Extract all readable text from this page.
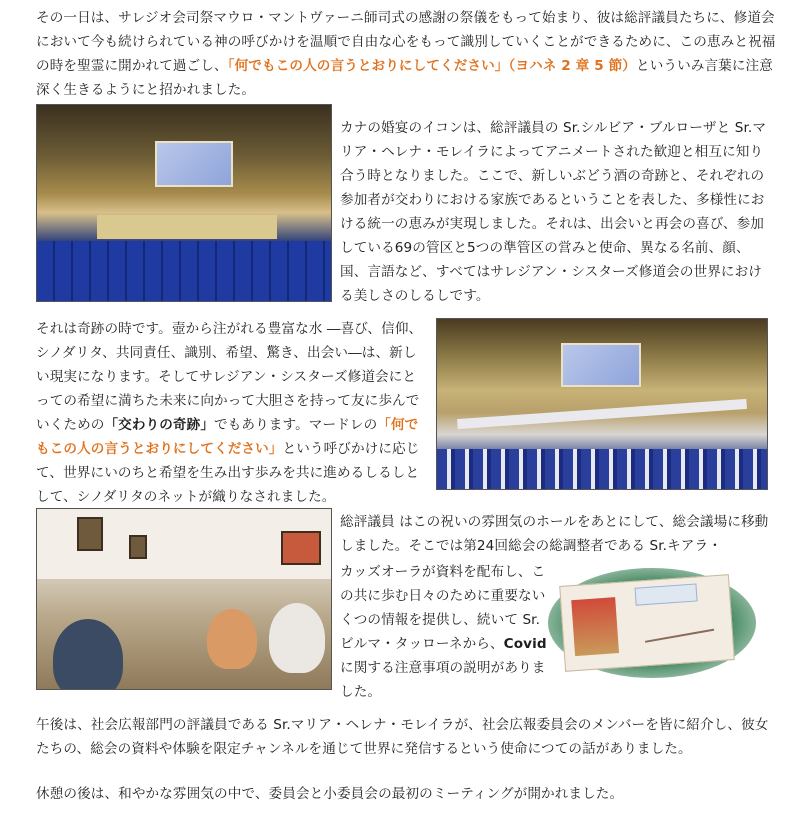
その一日は、サレジオ会司祭マウロ・マントヴァーニ師司式の感謝の祭儀をもって始まり、彼は総評議員たちに、修道会において今も続けられている神の呼びかけを温順で自由な心をもって識別していくことができるために、この恵みと祝福の時を聖霊に開かれて過ごし、「何でもこの人の言うとおりにしてください」（ヨハネ 2 章 5 節）といういみ言葉に注意深く生きるようにと招かれました。
カナの婚宴のイコンは、総評議員の Sr.シルビア・ブルローザと Sr.マリア・ヘレナ・モレイラによってアニメートされた歓迎と相互に知り合う時となりました。ここで、新しいぶどう酒の奇跡と、それぞれの参加者が交わりにおける家族であるということを表した、多様性における統一の恵みが実現しました。それは、出会いと再会の喜び、参加している69の管区と5つの準管区の営みと使命、異なる名前、顔、国、言語など、すべてはサレジアン・シスターズ修道会の世界における美しさのしるしです。
それは奇跡の時です。壺から注がれる豊富な水 ―喜び、信仰、シノダリタ、共同責任、識別、希望、驚き、出会い―は、新しい現実になります。そしてサレジアン・シスターズ修道会にとっての希望に満ちた未来に向かって大胆さを持って友に歩んでいくための「交わりの奇跡」でもあります。マードレの「何でもこの人の言うとおりにしてください」という呼びかけに応じて、世界にいのちと希望を生み出す歩みを共に進めるしるしとして、シノダリタのネットが織りなされました。
総評議員 はこの祝いの雰囲気のホールをあとにして、総会議場に移動しました。そこでは第24回総会の総調整者である Sr.キアラ・
カッズオーラが資料を配布し、この共に歩む日々のために重要ないくつの情報を提供し、続いて Sr.ビルマ・タッローネから、Covid に関する注意事項の説明がありました。
午後は、社会広報部門の評議員である Sr.マリア・ヘレナ・モレイラが、社会広報委員会のメンバーを皆に紹介し、彼女たちの、総会の資料や体験を限定チャンネルを通じて世界に発信するという使命につての話がありました。
休憩の後は、和やかな雰囲気の中で、委員会と小委員会の最初のミーティングが開かれました。
